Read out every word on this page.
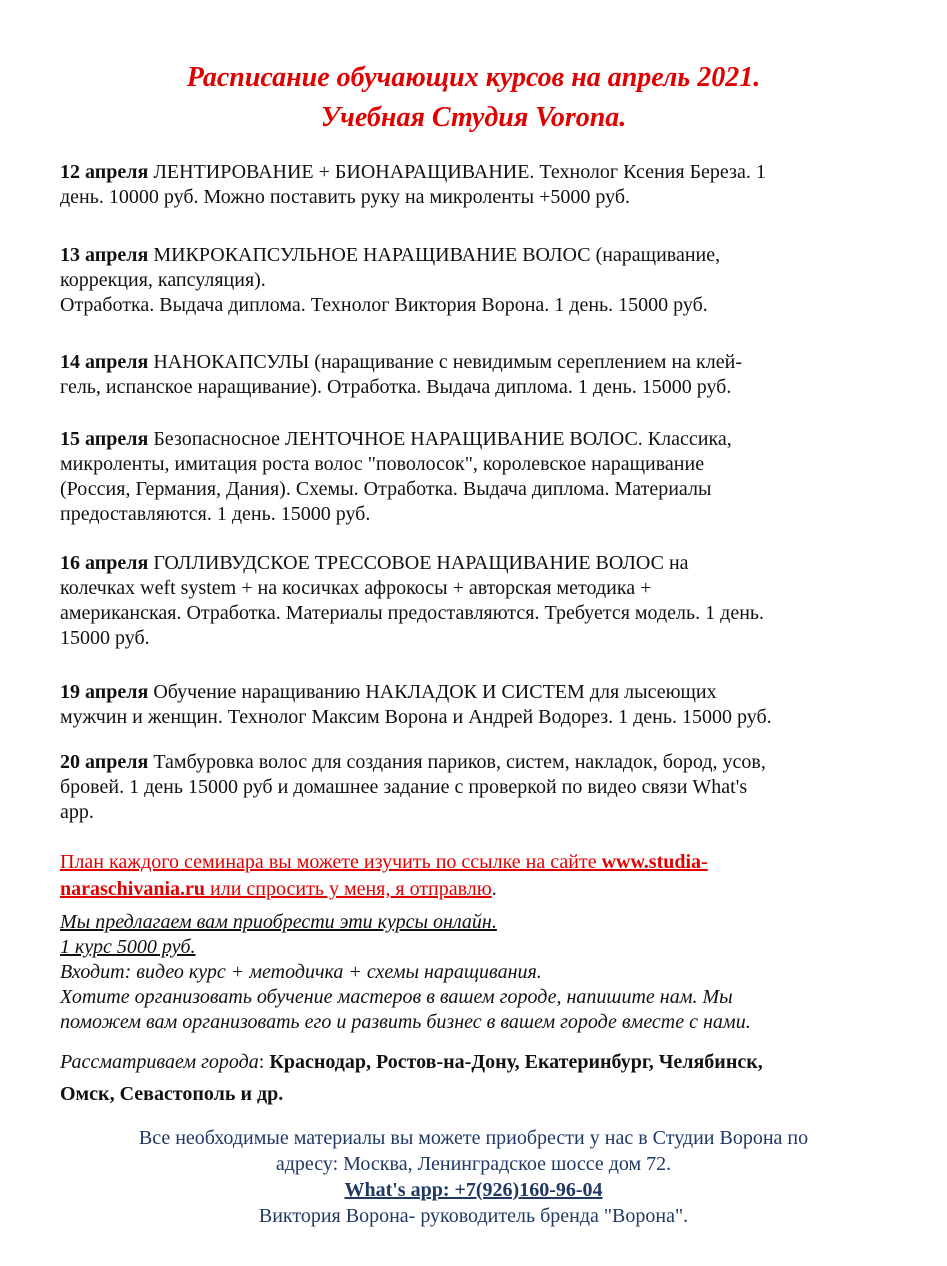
Расписание обучающих курсов на апрель 2021.

Учебная Студия Vorona.

12 апреля ЛЕНТИРОВАНИЕ + БИОНАРАЩИВАНИЕ. Технолог Ксения Береза. 1
день. 10000 руб. Можно поставить руку на микроленты +5000 руб.
13 апреля МИКРОКАПСУЛЬНОЕ НАРАЩИВАНИЕ ВОЛОС (наращивание,
коррекция, капсуляция).
Отработка. Выдача диплома. Технолог Виктория Ворона. 1 день. 15000 руб.
14 апреля НАНОКАПСУЛЫ (наращивание с невидимым сереплением на клей-
гель, испанское наращивание). Отработка. Выдача диплома. 1 день. 15000 руб.
15 апреля Безопасносное ЛЕНТОЧНОЕ НАРАЩИВАНИЕ ВОЛОС. Классика,
микроленты, имитация роста волос "поволосок", королевское наращивание
(Россия, Германия, Дания). Схемы. Отработка. Выдача диплома. Материалы
предоставляются. 1 день. 15000 руб.
16 апреля ГОЛЛИВУДСКОЕ ТРЕССОВОЕ НАРАЩИВАНИЕ ВОЛОС на
колечках weft system + на косичках афрокосы + авторская методика +
американская. Отработка. Материалы предоставляются. Требуется модель. 1 день.
15000 руб.
19 апреля Обучение наращиванию НАКЛАДОК И СИСТЕМ для лысеющих
мужчин и женщин. Технолог Максим Ворона и Андрей Водорез. 1 день. 15000 руб.
20 апреля Тамбуровка волос для создания париков, систем, накладок, бород, усов,
бровей. 1 день 15000 руб и домашнее задание с проверкой по видео связи What's
app.
План каждого семинара вы можете изучить по ссылке на сайте www.studia-
naraschivania.ru или спросить у меня, я отправлю.
Мы предлагаем вам приобрести эти курсы онлайн.
1 курс 5000 руб.
Входит: видео курс + методичка + схемы наращивания.
Хотите организовать обучение мастеров в вашем городе, напишите нам. Мы
поможем вам организовать его и развить бизнес в вашем городе вместе с нами.
Рассматриваем города: Краснодар, Ростов-на-Дону, Екатеринбург, Челябинск,
Омск, Севастополь и др.

Все необходимые материалы вы можете приобрести у нас в Студии Ворона по

адресу: Москва, Ленинградское шоссе дом 72.

What's app: +7(926)160-96-04

Виктория Ворона- руководитель бренда "Ворона".
